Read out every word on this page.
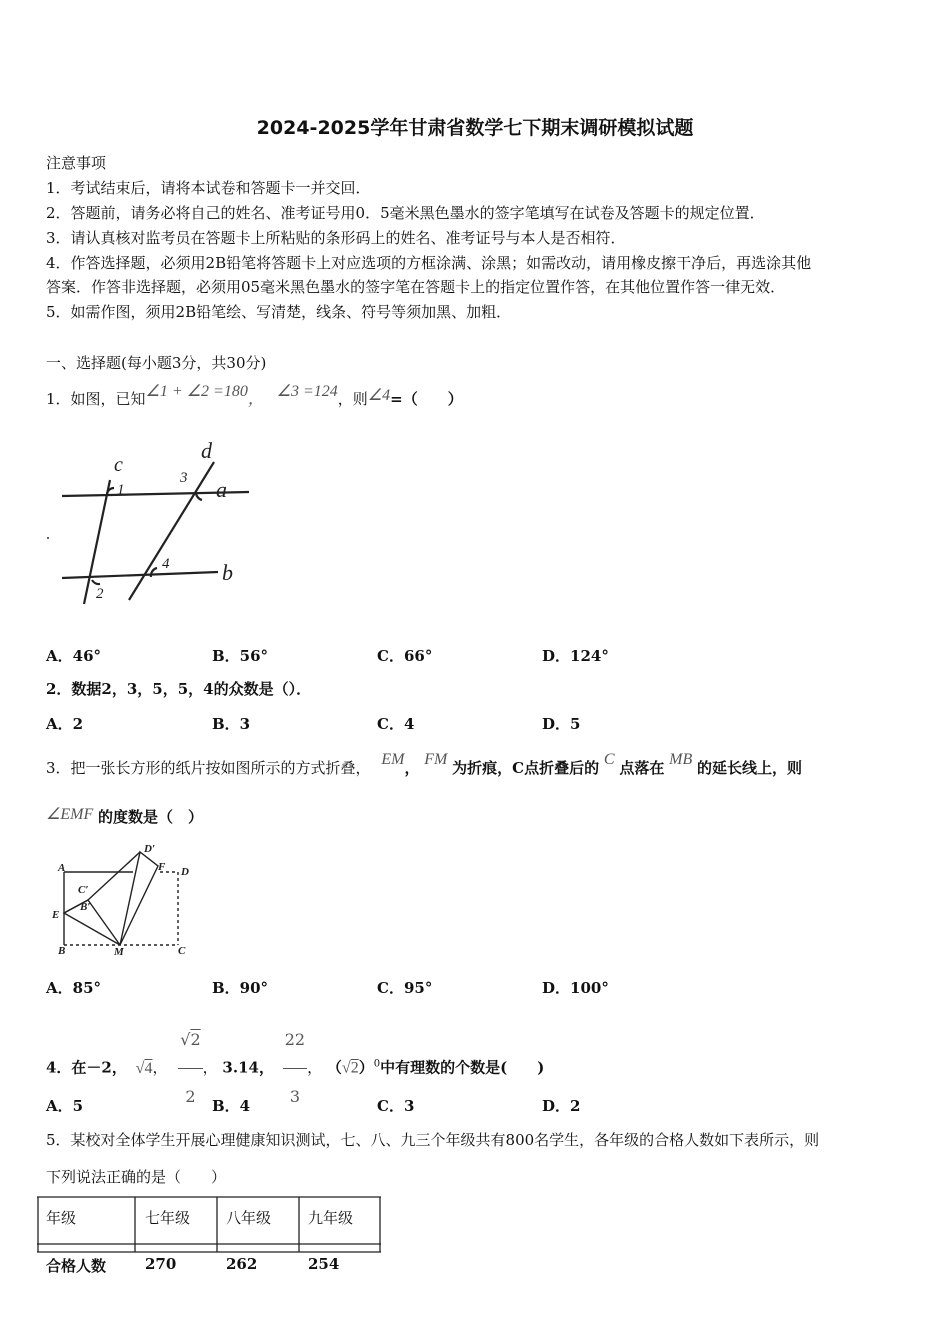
2024-2025学年甘肃省数学七下期末调研模拟试题
注意事项
1．考试结束后，请将本试卷和答题卡一并交回．
2．答题前，请务必将自己的姓名、准考证号用0．5毫米黑色墨水的签字笔填写在试卷及答题卡的规定位置．
3．请认真核对监考员在答题卡上所粘贴的条形码上的姓名、准考证号与本人是否相符．
4．作答选择题，必须用2B铅笔将答题卡上对应选项的方框涂满、涂黑；如需改动，请用橡皮擦干净后，再选涂其他
答案．作答非选择题，必须用05毫米黑色墨水的签字笔在答题卡上的指定位置作答，在其他位置作答一律无效．
5．如需作图，须用2B铅笔绘、写清楚，线条、符号等须加黑、加粗．
一、选择题(每小题3分，共30分)
1．如图，已知∠1 + ∠2 =180， ∠3 =124，则∠4=（　　）
c
d
1
3 a
4 b
2
A．46°	B．56°	C．66°	D．124°
2．数据2，3，5，5，4的众数是（）．
A．2	B．3	C．4	D．5
3．把一张长方形的纸片按如图所示的方式折叠， EM， FM 为折痕，C点折叠后的 C 点落在 MB 的延长线上，则
∠EMF 的度数是（　）
A
D′
F D
C′
B′
E
B	M	C
A．85°	B．90°	C．95°	D．100°
4．在－2， √4， $\frac{√2}{2}$ ， 3.14， $\frac{22}{3}$ ， $(√2)^0$中有理数的个数是(　　)
A．5	B．4	C．3	D．2
5．某校对全体学生开展心理健康知识测试，七、八、九三个年级共有800名学生，各年级的合格人数如下表所示，则
下列说法正确的是（　　）
年级	七年级 八年级 九年级
合格人数	270	262	254
